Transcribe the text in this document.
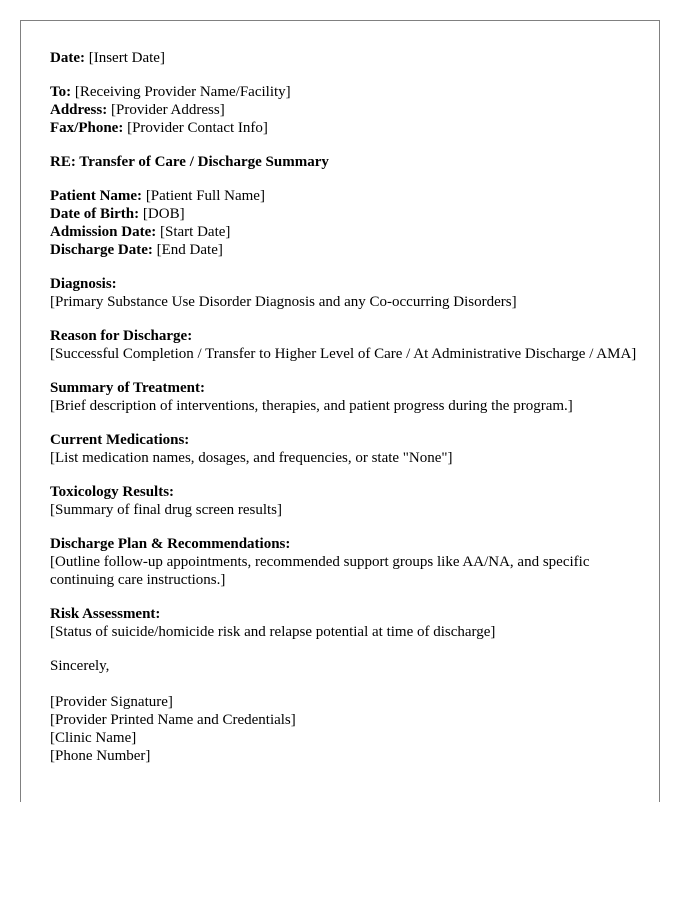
Date: [Insert Date]
To: [Receiving Provider Name/Facility]
Address: [Provider Address]
Fax/Phone: [Provider Contact Info]
RE: Transfer of Care / Discharge Summary
Patient Name: [Patient Full Name]
Date of Birth: [DOB]
Admission Date: [Start Date]
Discharge Date: [End Date]
Diagnosis:
[Primary Substance Use Disorder Diagnosis and any Co-occurring Disorders]
Reason for Discharge:
[Successful Completion / Transfer to Higher Level of Care / At Administrative Discharge / AMA]
Summary of Treatment:
[Brief description of interventions, therapies, and patient progress during the program.]
Current Medications:
[List medication names, dosages, and frequencies, or state "None"]
Toxicology Results:
[Summary of final drug screen results]
Discharge Plan & Recommendations:
[Outline follow-up appointments, recommended support groups like AA/NA, and specific continuing care instructions.]
Risk Assessment:
[Status of suicide/homicide risk and relapse potential at time of discharge]
Sincerely,
[Provider Signature]
[Provider Printed Name and Credentials]
[Clinic Name]
[Phone Number]
